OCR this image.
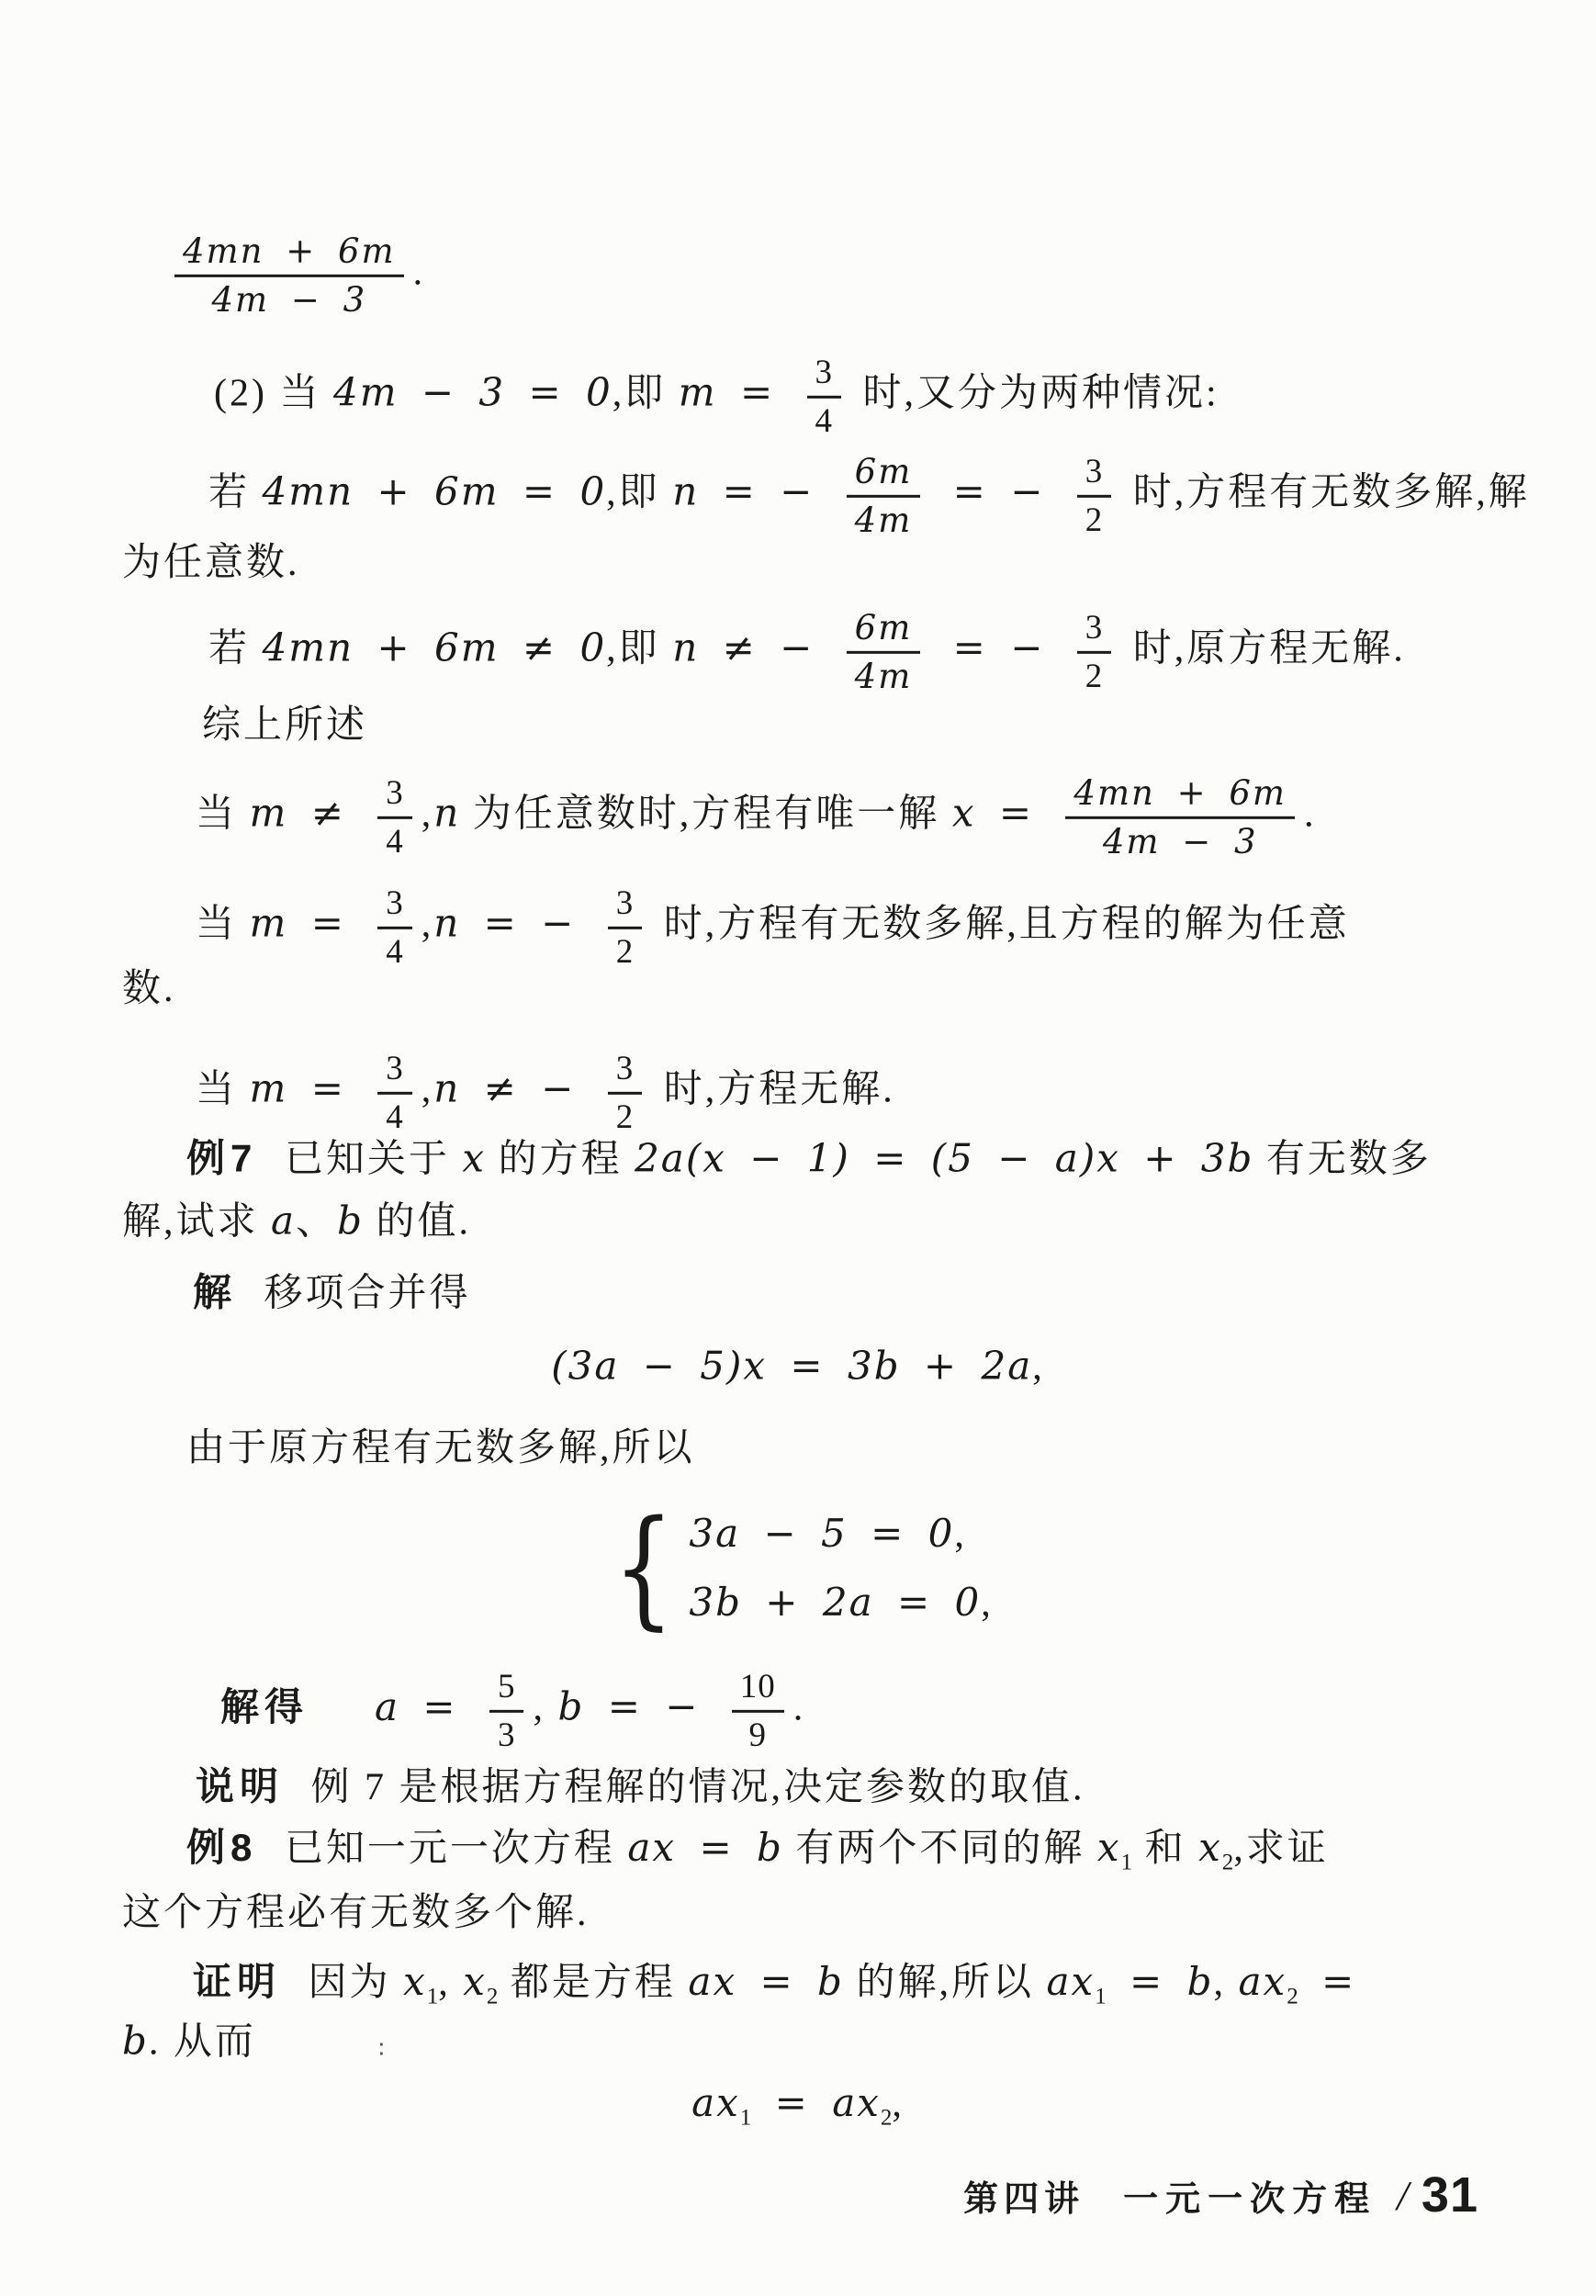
$\frac{4mn + 6m}{4m - 3}$ .
(2) 当 4m − 3 = 0,即 $m = \frac{3}{4}$ 时,又分为两种情况:
若 4mn + 6m = 0,即 n = − $\frac{6m}{4m}$ = − $\frac{3}{2}$ 时,方程有无数多解,解
为任意数.
若 4mn + 6m ≠ 0,即 n ≠ − $\frac{6m}{4m}$ = − $\frac{3}{2}$ 时,原方程无解.
综上所述
当 $m \ne \frac{3}{4} ,n$ 为任意数时,方程有唯一解 $x = \frac{4mn + 6m}{4m - 3}$ .
当 $m = \frac{3}{4} ,n$ = − $\frac{3}{2}$ 时,方程有无数多解,且方程的解为任意
数.
当 $m = \frac{3}{4} ,n$ ≠ − $\frac{3}{2}$ 时,方程无解.
例7 已知关于 x 的方程 2a(x − 1) = (5 − a)x + 3b 有无数多
解,试求 a、b 的值.
解 移项合并得
(3a − 5)x = 3b + 2a,
由于原方程有无数多解,所以
{ 3a − 5 = 0,
3b + 2a = 0,
解得 $a = \frac{5}{3}$ , b = − $\frac{10}{9}$ .
说明 例 7 是根据方程解的情况,决定参数的取值.
例8 已知一元一次方程 ax = b 有两个不同的解 $x_1$ 和 $x_2$,求证
这个方程必有无数多个解.
证明 因为 $x_1$, $x_2$ 都是方程 ax = b 的解,所以 $ax_1 = b$, $ax_2$ =
b. 从而	∶
$ax_1 = ax_2$,
第四讲 一元一次方程 / 31
